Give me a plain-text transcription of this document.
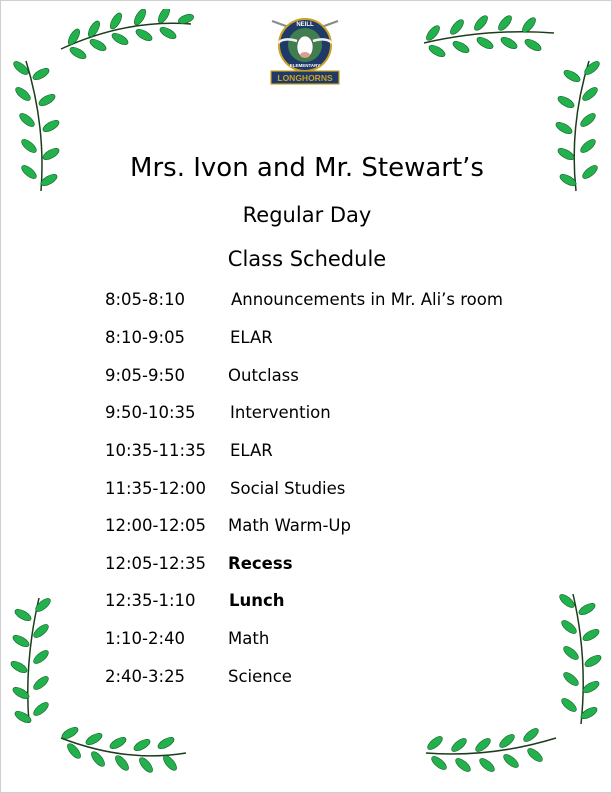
NEILL
ELEMENTARY
LONGHORNS
Mrs. Ivon and Mr. Stewart’s
Regular Day
Class Schedule
8:05-8:10	Announcements in Mr. Ali’s room
8:10-9:05	ELAR
9:05-9:50	Outclass
9:50-10:35 Intervention
10:35-11:35 ELAR
11:35-12:00 Social Studies
12:00-12:05 Math Warm-Up
12:05-12:35 Recess
12:35-1:10 Lunch
1:10-2:40	Math
2:40-3:25	Science
